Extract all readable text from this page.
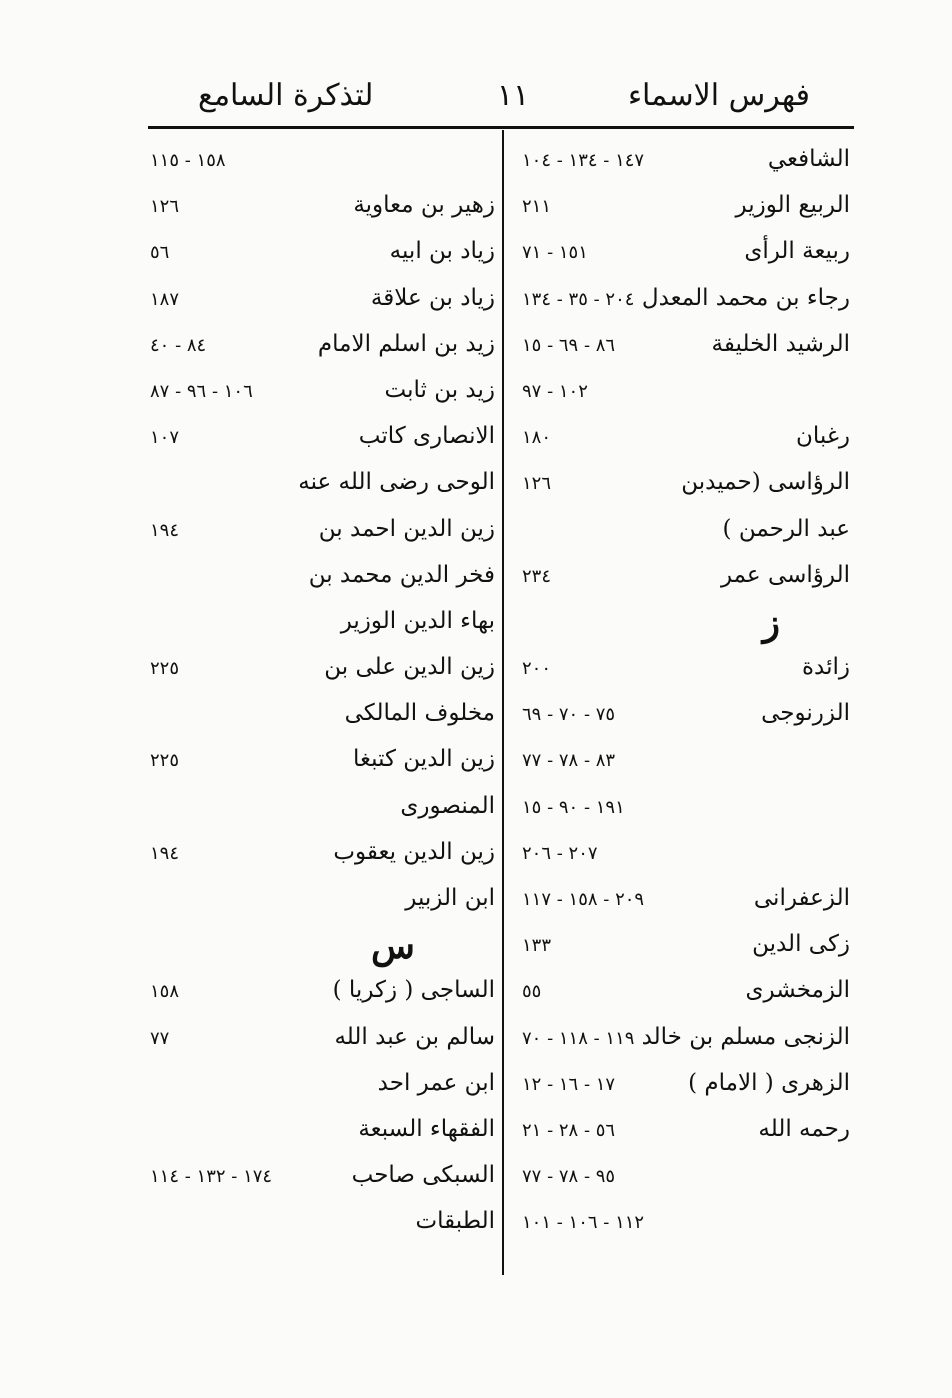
لتذكرة السامع	١١	فهرس الاسماء
الشافعي
١٤٧ - ١٣٤ - ١٠٤
الربيع الوزير
٢١١
ربيعة الرأى
١٥١ - ٧١
رجاء بن محمد المعدل
٢٠٤ - ٣٥ - ١٣٤
الرشيد الخليفة
٨٦ - ٦٩ - ١٥
١٠٢ - ٩٧
رغبان
١٨٠
الرؤاسى (حميدبن
١٢٦
عبد الرحمن )
الرؤاسى عمر
٢٣٤
ز
زائدة
٢٠٠
الزرنوجى
٧٥ - ٧٠ - ٦٩
٨٣ - ٧٨ - ٧٧
١٩١ - ٩٠ - ١٥
٢٠٧ - ٢٠٦
الزعفرانى
٢٠٩ - ١٥٨ - ١١٧
زكى الدين
١٣٣
الزمخشرى
٥٥
الزنجى مسلم بن خالد
١١٩ - ١١٨ - ٧٠
الزهرى ( الامام )
١٧ - ١٦ - ١٢
رحمه الله
٥٦ - ٢٨ - ٢١
٩٥ - ٧٨ - ٧٧
١١٢ - ١٠٦ - ١٠١
١٥٨ - ١١٥
زهير بن معاوية
١٢٦
زياد بن ابيه
٥٦
زياد بن علاقة
١٨٧
زيد بن اسلم الامام
٨٤ - ٤٠
زيد بن ثابت
١٠٦ - ٩٦ - ٨٧
الانصارى كاتب
١٠٧
الوحى رضى الله عنه
زين الدين احمد بن
١٩٤
فخر الدين محمد بن
بهاء الدين الوزير
زين الدين على بن
٢٢٥
مخلوف المالكى
زين الدين كتبغا
٢٢٥
المنصورى
زين الدين يعقوب
١٩٤
ابن الزبير
س
الساجى ( زكريا )
١٥٨
سالم بن عبد الله
٧٧
ابن عمر احد
الفقهاء السبعة
السبكى صاحب
١٧٤ - ١٣٢ - ١١٤
الطبقات
